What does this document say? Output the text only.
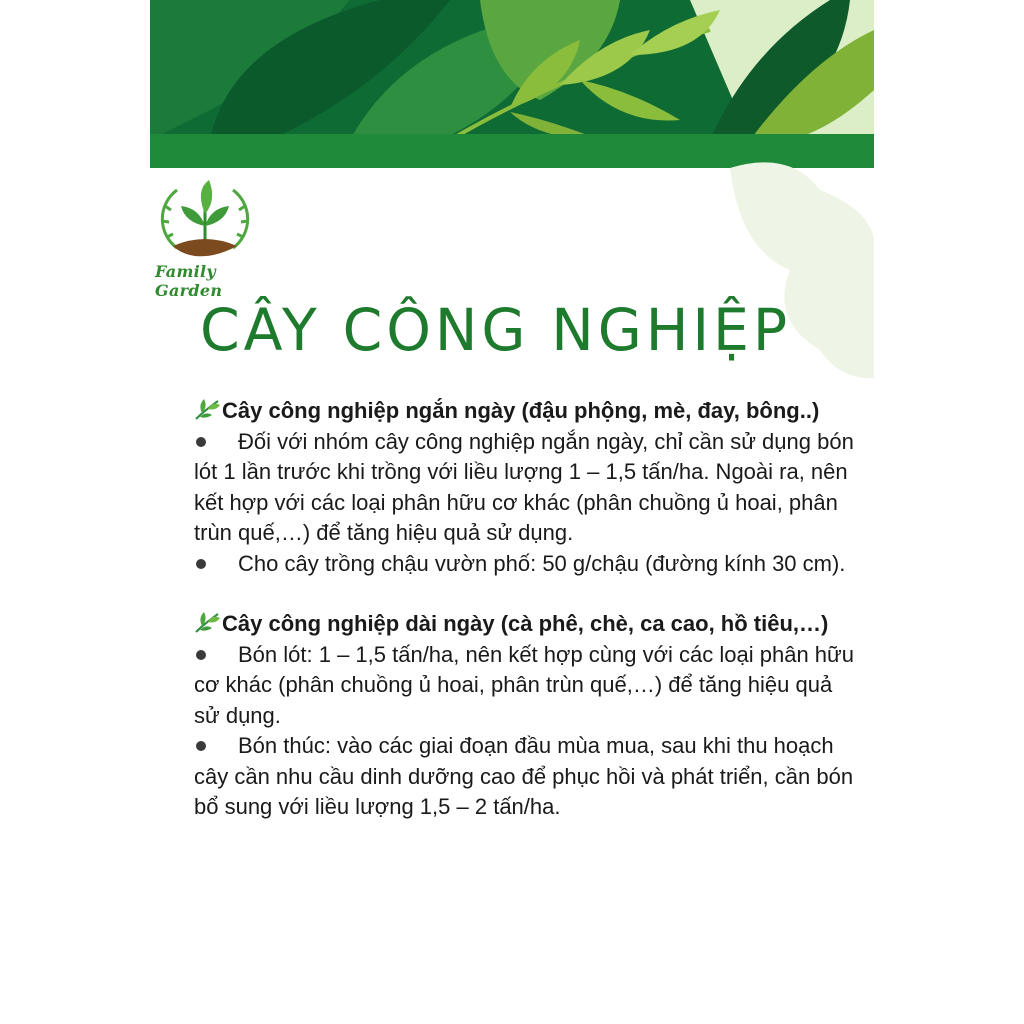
Family Garden
CÂY CÔNG NGHIỆP

Cây công nghiệp ngắn ngày (đậu phộng, mè, đay, bông..)

Đối với nhóm cây công nghiệp ngắn ngày, chỉ cần sử dụng bón lót 1 lần trước khi trồng với liều lượng 1 – 1,5 tấn/ha. Ngoài ra, nên kết hợp với các loại phân hữu cơ khác (phân chuồng ủ hoai, phân trùn quế,…) để tăng hiệu quả sử dụng.

Cho cây trồng chậu vườn phố: 50 g/chậu (đường kính 30 cm).

Cây công nghiệp dài ngày (cà phê, chè, ca cao, hồ tiêu,…)

Bón lót: 1 – 1,5 tấn/ha, nên kết hợp cùng với các loại phân hữu cơ khác (phân chuồng ủ hoai, phân trùn quế,…) để tăng hiệu quả sử dụng.

Bón thúc: vào các giai đoạn đầu mùa mua, sau khi thu hoạch cây cần nhu cầu dinh dưỡng cao để phục hồi và phát triển, cần bón bổ sung với liều lượng 1,5 – 2 tấn/ha.
